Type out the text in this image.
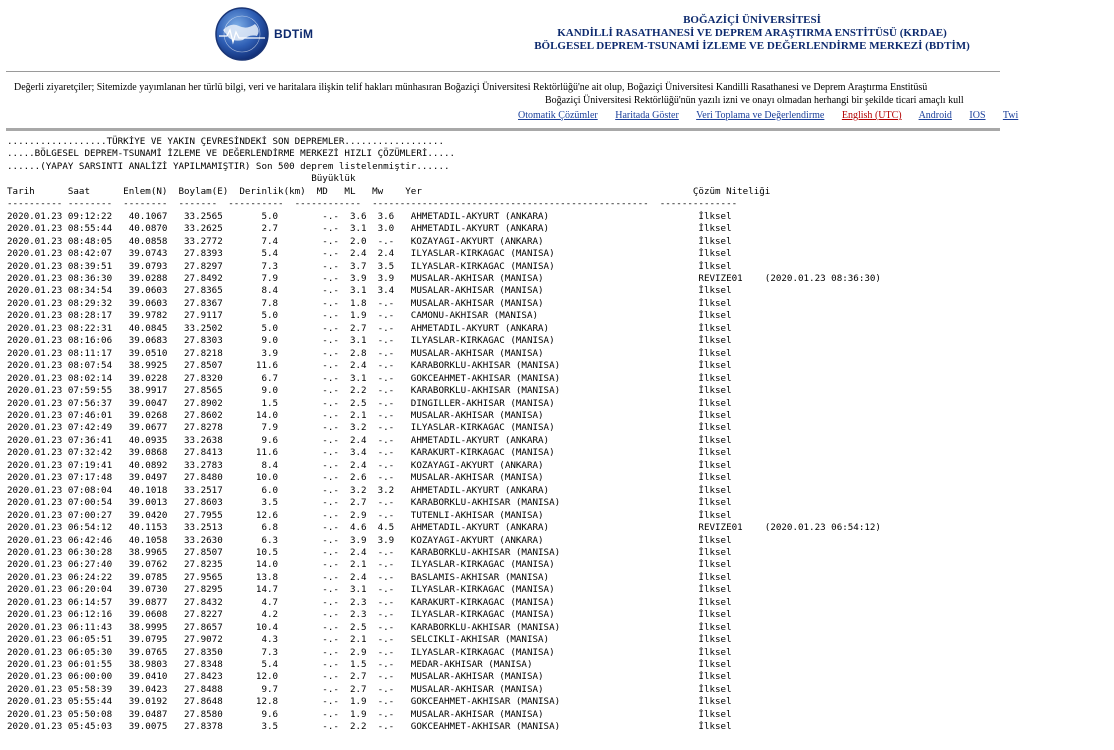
BDTiM
BOĞAZİÇİ ÜNİVERSİTESİ
KANDİLLİ RASATHANESİ VE DEPREM ARAŞTIRMA ENSTİTÜSÜ (KRDAE)
BÖLGESEL DEPREM-TSUNAMİ İZLEME VE DEĞERLENDİRME MERKEZİ (BDTİM)
Değerli ziyaretçiler; Sitemizde yayımlanan her türlü bilgi, veri ve haritalara ilişkin telif hakları münhasıran Boğaziçi Üniversitesi Rektörlüğü'ne ait olup, Boğaziçi Üniversitesi Kandilli Rasathanesi ve Deprem Araştırma Enstitüsü
Boğaziçi Üniversitesi Rektörlüğü'nün yazılı izni ve onayı olmadan herhangi bir şekilde ticari amaçlı kull
Otomatik Çözümler Haritada Göster Veri Toplama ve Değerlendirme English (UTC) Android IOS Twi
..................TÜRKİYE VE YAKIN ÇEVRESİNDEKİ SON DEPREMLER..................
.....BÖLGESEL DEPREM-TSUNAMİ İZLEME VE DEĞERLENDİRME MERKEZİ HIZLI ÇÖZÜMLERİ.....
......(YAPAY SARSINTI ANALİZİ YAPILMAMIŞTIR) Son 500 deprem listelenmiştir......
Büyüklük
Tarih      Saat      Enlem(N)  Boylam(E)  Derinlik(km)  MD   ML   Mw    Yer                                                 Çözüm Niteliği
---------- --------  --------  -------  ----------  ------------  --------------------------------------------------  --------------
2020.01.23 09:12:22   40.1067   33.2565       5.0        -.-  3.6  3.6   AHMETADIL-AKYURT (ANKARA)                           İlksel
2020.01.23 08:55:44   40.0870   33.2625       2.7        -.-  3.1  3.0   AHMETADIL-AKYURT (ANKARA)                           İlksel
2020.01.23 08:48:05   40.0858   33.2772       7.4        -.-  2.0  -.-   KOZAYAGI-AKYURT (ANKARA)                            İlksel
2020.01.23 08:42:07   39.0743   27.8393       5.4        -.-  2.4  2.4   ILYASLAR-KIRKAGAC (MANISA)                          İlksel
2020.01.23 08:39:51   39.0793   27.8297       7.3        -.-  3.7  3.5   ILYASLAR-KIRKAGAC (MANISA)                          İlksel
2020.01.23 08:36:30   39.0288   27.8492       7.9        -.-  3.9  3.9   MUSALAR-AKHISAR (MANISA)                            REVIZE01    (2020.01.23 08:36:30)
2020.01.23 08:34:54   39.0603   27.8365       8.4        -.-  3.1  3.4   MUSALAR-AKHISAR (MANISA)                            İlksel
2020.01.23 08:29:32   39.0603   27.8367       7.8        -.-  1.8  -.-   MUSALAR-AKHISAR (MANISA)                            İlksel
2020.01.23 08:28:17   39.9782   27.9117       5.0        -.-  1.9  -.-   CAMONU-AKHISAR (MANISA)                             İlksel
2020.01.23 08:22:31   40.0845   33.2502       5.0        -.-  2.7  -.-   AHMETADIL-AKYURT (ANKARA)                           İlksel
2020.01.23 08:16:06   39.0683   27.8303       9.0        -.-  3.1  -.-   ILYASLAR-KIRKAGAC (MANISA)                          İlksel
2020.01.23 08:11:17   39.0510   27.8218       3.9        -.-  2.8  -.-   MUSALAR-AKHISAR (MANISA)                            İlksel
2020.01.23 08:07:54   38.9925   27.8507      11.6        -.-  2.4  -.-   KARABORKLU-AKHISAR (MANISA)                         İlksel
2020.01.23 08:02:14   39.0228   27.8320       6.7        -.-  3.1  -.-   GOKCEAHMET-AKHISAR (MANISA)                         İlksel
2020.01.23 07:59:55   38.9917   27.8565       9.0        -.-  2.2  -.-   KARABORKLU-AKHISAR (MANISA)                         İlksel
2020.01.23 07:56:37   39.0047   27.8902       1.5        -.-  2.5  -.-   DINGILLER-AKHISAR (MANISA)                          İlksel
2020.01.23 07:46:01   39.0268   27.8602      14.0        -.-  2.1  -.-   MUSALAR-AKHISAR (MANISA)                            İlksel
2020.01.23 07:42:49   39.0677   27.8278       7.9        -.-  3.2  -.-   ILYASLAR-KIRKAGAC (MANISA)                          İlksel
2020.01.23 07:36:41   40.0935   33.2638       9.6        -.-  2.4  -.-   AHMETADIL-AKYURT (ANKARA)                           İlksel
2020.01.23 07:32:42   39.0868   27.8413      11.6        -.-  3.4  -.-   KARAKURT-KIRKAGAC (MANISA)                          İlksel
2020.01.23 07:19:41   40.0892   33.2783       8.4        -.-  2.4  -.-   KOZAYAGI-AKYURT (ANKARA)                            İlksel
2020.01.23 07:17:48   39.0497   27.8480      10.0        -.-  2.6  -.-   MUSALAR-AKHISAR (MANISA)                            İlksel
2020.01.23 07:08:04   40.1018   33.2517       6.0        -.-  3.2  3.2   AHMETADIL-AKYURT (ANKARA)                           İlksel
2020.01.23 07:00:54   39.0013   27.8603       3.5        -.-  2.7  -.-   KARABORKLU-AKHISAR (MANISA)                         İlksel
2020.01.23 07:00:27   39.0420   27.7955      12.6        -.-  2.9  -.-   TUTENLI-AKHISAR (MANISA)                            İlksel
2020.01.23 06:54:12   40.1153   33.2513       6.8        -.-  4.6  4.5   AHMETADIL-AKYURT (ANKARA)                           REVIZE01    (2020.01.23 06:54:12)
2020.01.23 06:42:46   40.1058   33.2630       6.3        -.-  3.9  3.9   KOZAYAGI-AKYURT (ANKARA)                            İlksel
2020.01.23 06:30:28   38.9965   27.8507      10.5        -.-  2.4  -.-   KARABORKLU-AKHISAR (MANISA)                         İlksel
2020.01.23 06:27:40   39.0762   27.8235      14.0        -.-  2.1  -.-   ILYASLAR-KIRKAGAC (MANISA)                          İlksel
2020.01.23 06:24:22   39.0785   27.9565      13.8        -.-  2.4  -.-   BASLAMIS-AKHISAR (MANISA)                           İlksel
2020.01.23 06:20:04   39.0730   27.8295      14.7        -.-  3.1  -.-   ILYASLAR-KIRKAGAC (MANISA)                          İlksel
2020.01.23 06:14:57   39.0877   27.8432       4.7        -.-  2.3  -.-   KARAKURT-KIRKAGAC (MANISA)                          İlksel
2020.01.23 06:12:16   39.0608   27.8227       4.2        -.-  2.3  -.-   ILYASLAR-KIRKAGAC (MANISA)                          İlksel
2020.01.23 06:11:43   38.9995   27.8657      10.4        -.-  2.5  -.-   KARABORKLU-AKHISAR (MANISA)                         İlksel
2020.01.23 06:05:51   39.0795   27.9072       4.3        -.-  2.1  -.-   SELCIKLI-AKHISAR (MANISA)                           İlksel
2020.01.23 06:05:30   39.0765   27.8350       7.3        -.-  2.9  -.-   ILYASLAR-KIRKAGAC (MANISA)                          İlksel
2020.01.23 06:01:55   38.9803   27.8348       5.4        -.-  1.5  -.-   MEDAR-AKHISAR (MANISA)                              İlksel
2020.01.23 06:00:00   39.0410   27.8423      12.0        -.-  2.7  -.-   MUSALAR-AKHISAR (MANISA)                            İlksel
2020.01.23 05:58:39   39.0423   27.8488       9.7        -.-  2.7  -.-   MUSALAR-AKHISAR (MANISA)                            İlksel
2020.01.23 05:55:44   39.0192   27.8648      12.8        -.-  1.9  -.-   GOKCEAHMET-AKHISAR (MANISA)                         İlksel
2020.01.23 05:50:08   39.0487   27.8580       9.6        -.-  1.9  -.-   MUSALAR-AKHISAR (MANISA)                            İlksel
2020.01.23 05:45:03   39.0075   27.8378       3.5        -.-  2.2  -.-   GOKCEAHMET-AKHISAR (MANISA)                         İlksel
